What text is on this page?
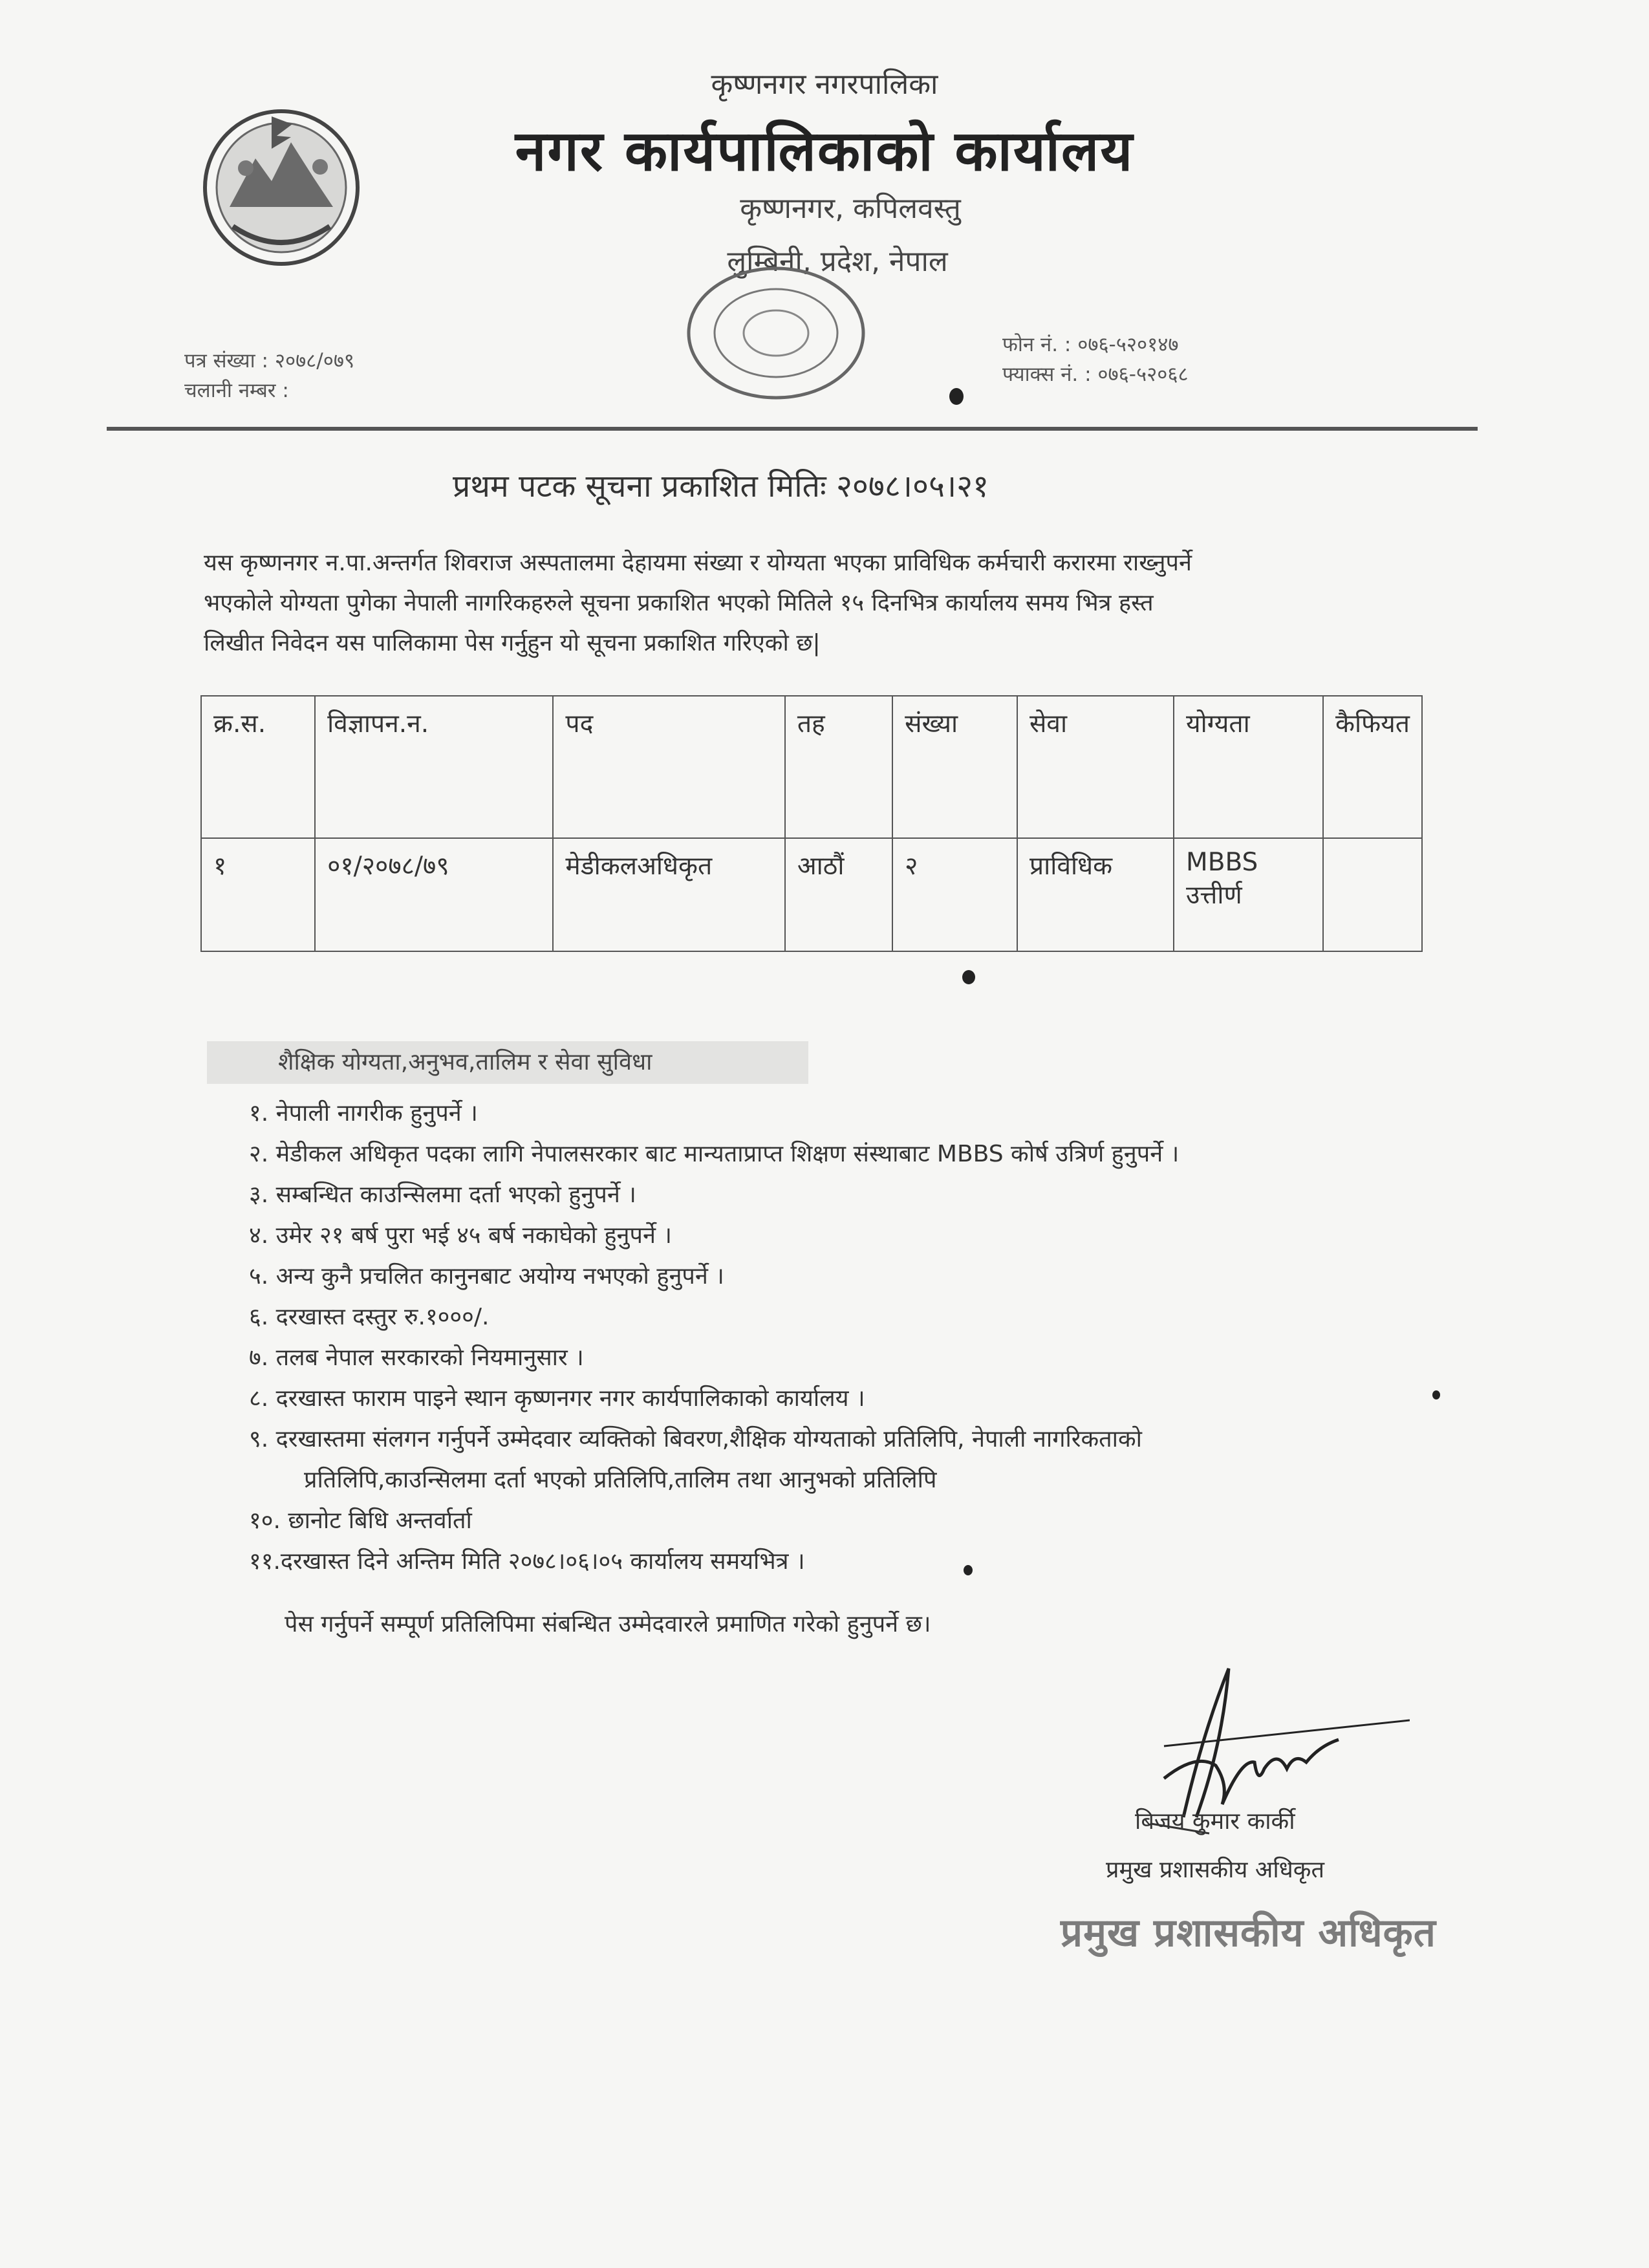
कृष्णनगर नगरपालिका
नगर कार्यपालिकाको कार्यालय
कृष्णनगर, कपिलवस्तु
लुम्बिनी, प्रदेश, नेपाल
पत्र संख्या : २०७८/०७९
चलानी नम्बर :
फोन नं. : ०७६-५२०१४७
फ्याक्स नं. : ०७६-५२०६८
प्रथम पटक सूचना प्रकाशित मितिः २०७८।०५।२१
यस कृष्णनगर न.पा.अन्तर्गत शिवराज अस्पतालमा देहायमा संख्या र योग्यता भएका प्राविधिक कर्मचारी करारमा राख्नुपर्ने
भएकोले योग्यता पुगेका नेपाली नागरिकहरुले सूचना प्रकाशित भएको मितिले १५ दिनभित्र कार्यालय समय भित्र हस्त
लिखीत निवेदन यस पालिकामा पेस गर्नुहुन यो सूचना प्रकाशित गरिएको छ|
क्र.स.	विज्ञापन.न.	पद	तह	संख्या	सेवा	योग्यता	कैफियत
१	०१/२०७८/७९	मेडीकलअधिकृत	आठौं	२	प्राविधिक	MBBS उत्तीर्ण	
शैक्षिक योग्यता,अनुभव,तालिम र सेवा सुविधा
१. नेपाली नागरीक हुनुपर्ने ।
२. मेडीकल अधिकृत पदका लागि नेपालसरकार बाट मान्यताप्राप्त शिक्षण संस्थाबाट MBBS कोर्ष उत्रिर्ण हुनुपर्ने ।
३. सम्बन्धित काउन्सिलमा दर्ता भएको हुनुपर्ने ।
४. उमेर २१ बर्ष पुरा भई ४५ बर्ष नकाघेको हुनुपर्ने ।
५. अन्य कुनै प्रचलित कानुनबाट अयोग्य नभएको हुनुपर्ने ।
६. दरखास्त दस्तुर रु.१०००/.
७. तलब नेपाल सरकारको नियमानुसार ।
८. दरखास्त फाराम पाइने स्थान कृष्णनगर नगर कार्यपालिकाको कार्यालय ।
९. दरखास्तमा संलगन गर्नुपर्ने उम्मेदवार व्यक्तिको बिवरण,शैक्षिक योग्यताको प्रतिलिपि, नेपाली नागरिकताको
प्रतिलिपि,काउन्सिलमा दर्ता भएको प्रतिलिपि,तालिम तथा आनुभको प्रतिलिपि
१०. छानोट बिधि अन्तर्वार्ता
११.दरखास्त दिने अन्तिम मिति २०७८।०६।०५ कार्यालय समयभित्र ।
पेस गर्नुपर्ने सम्पूर्ण प्रतिलिपिमा संबन्धित उम्मेदवारले प्रमाणित गरेको हुनुपर्ने छ।
बिजय कुमार कार्की
प्रमुख प्रशासकीय अधिकृत
प्रमुख प्रशासकीय अधिकृत
